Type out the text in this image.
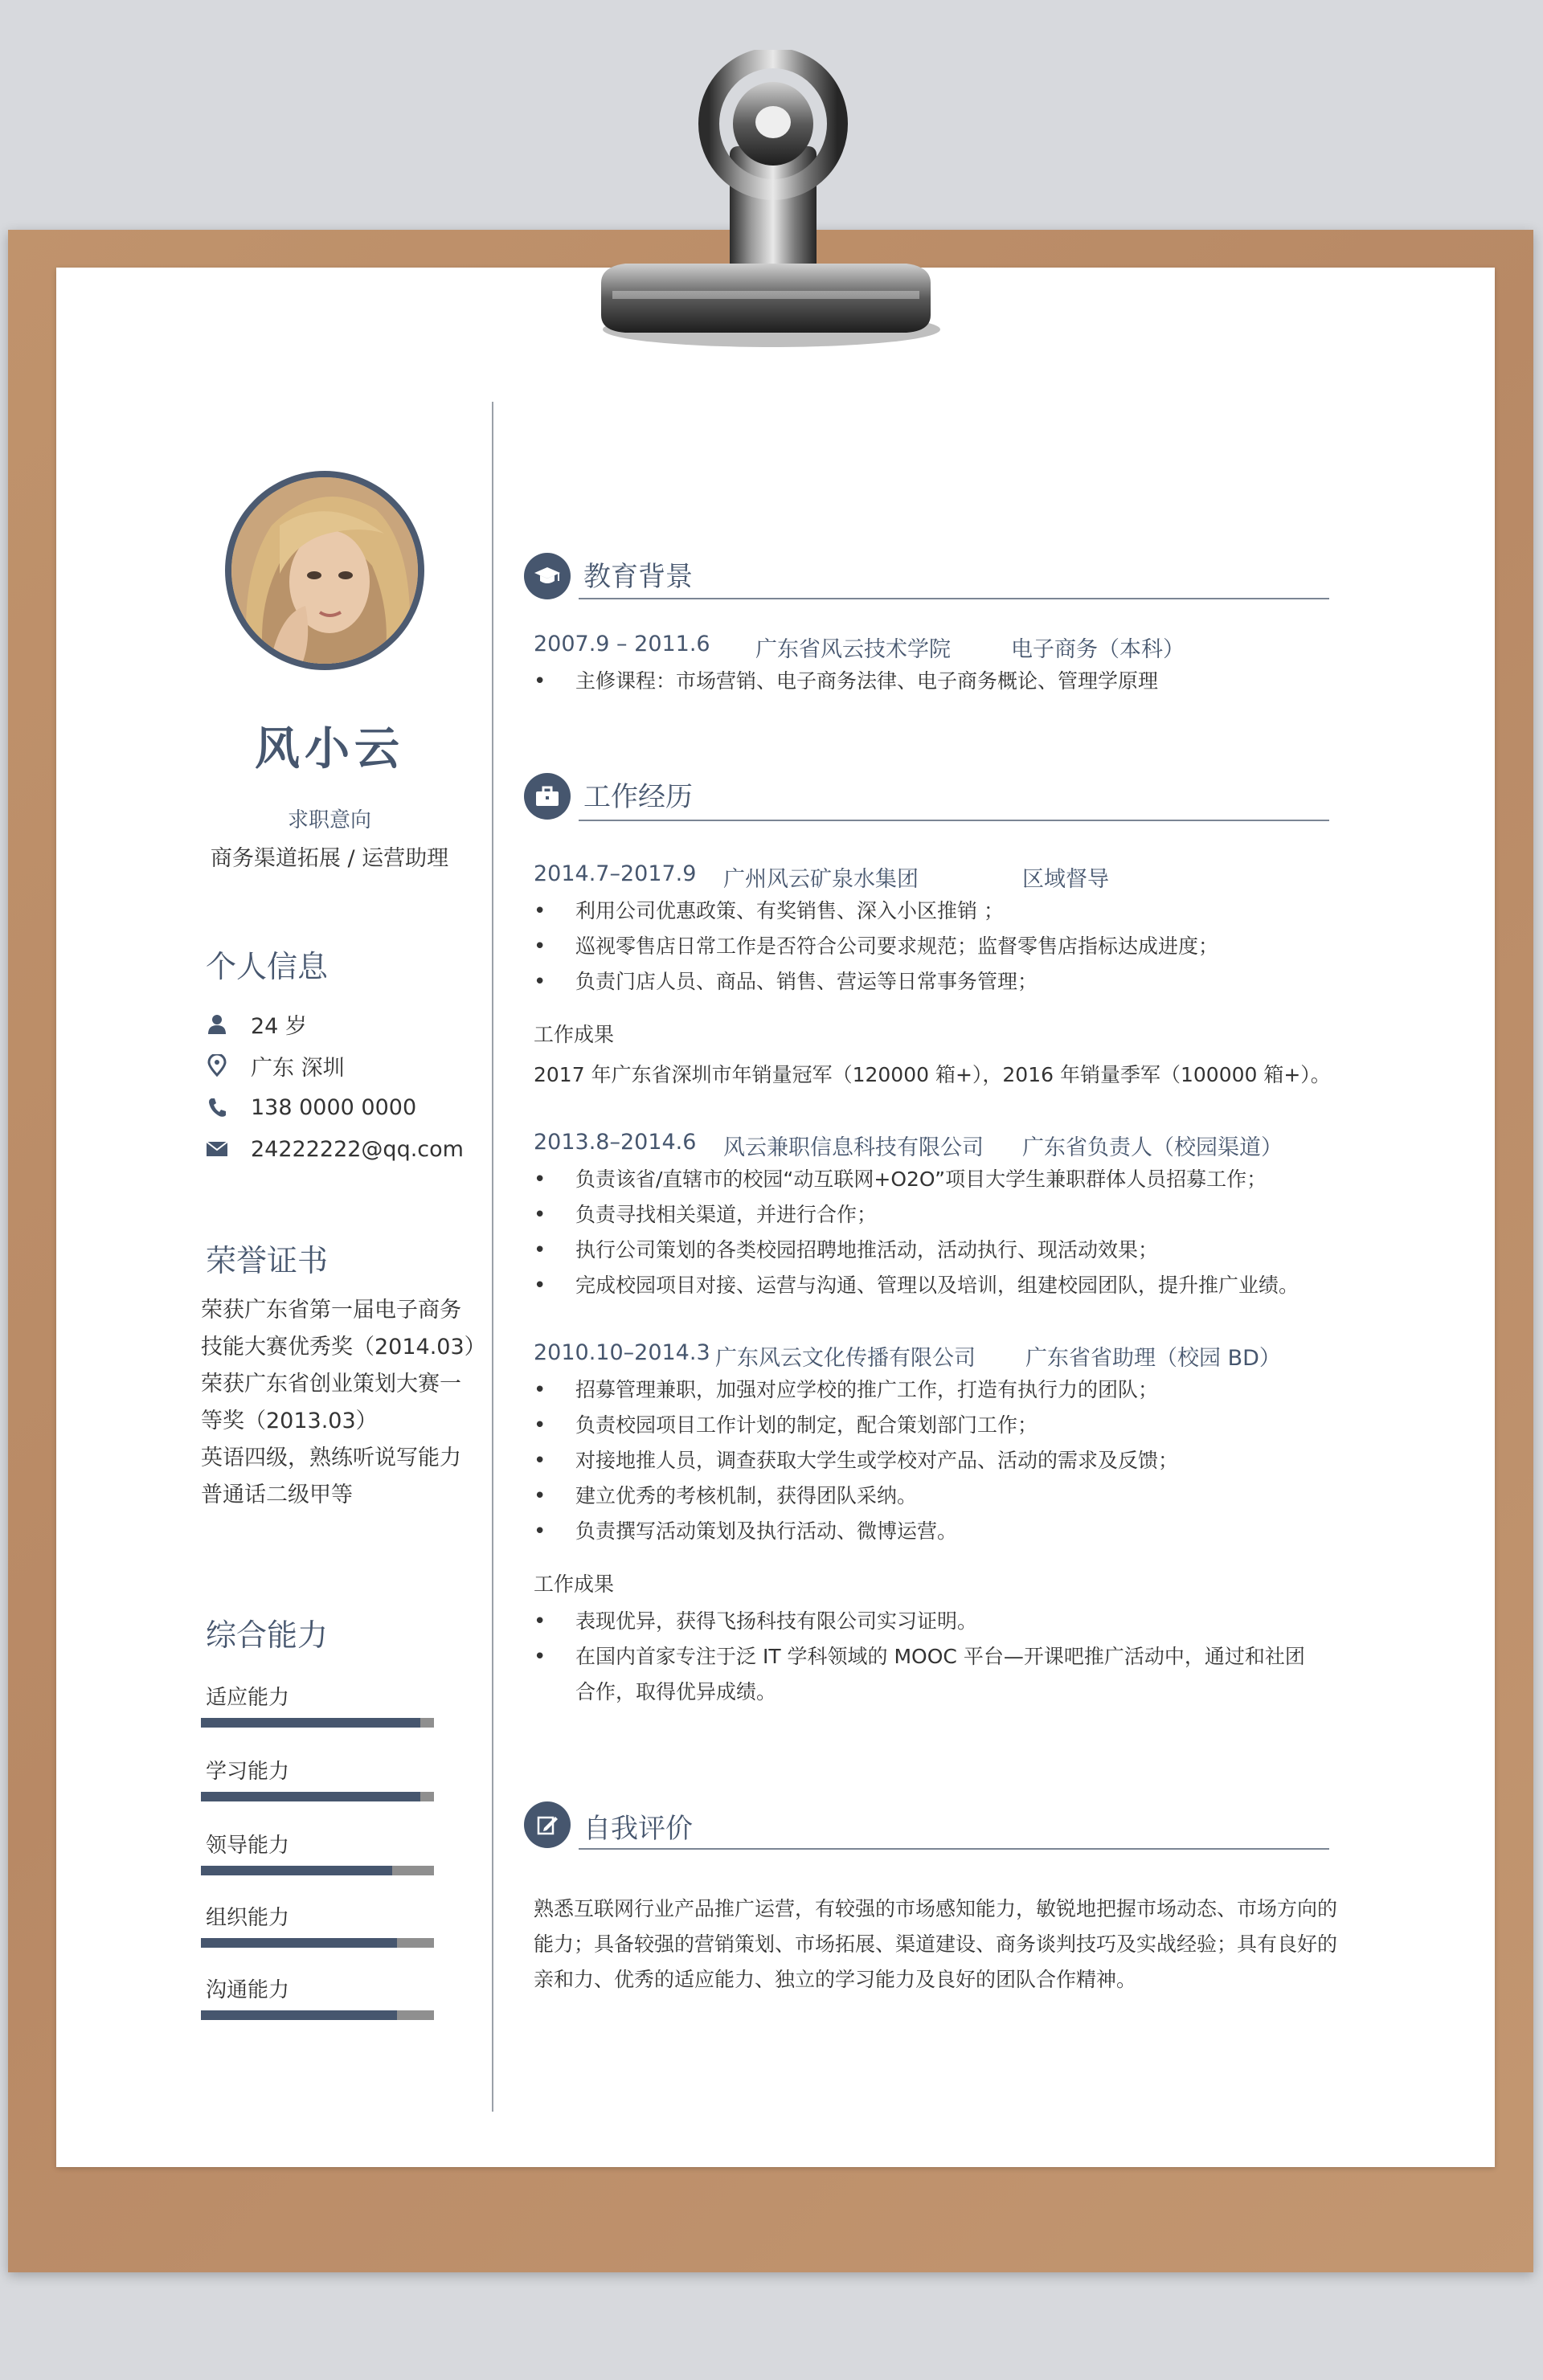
风小云
求职意向
商务渠道拓展 / 运营助理
个人信息
24 岁
广东 深圳
138 0000 0000
24222222@qq.com
荣誉证书
荣获广东省第一届电子商务
技能大赛优秀奖（2014.03）
荣获广东省创业策划大赛一
等奖（2013.03）
英语四级，熟练听说写能力
普通话二级甲等
综合能力
适应能力
学习能力
领导能力
组织能力
沟通能力
教育背景
2007.9 – 2011.6 广东省风云技术学院	电子商务（本科）
• 主修课程：市场营销、电子商务法律、电子商务概论、管理学原理
工作经历
2014.7–2017.9 广州风云矿泉水集团	区域督导
• 利用公司优惠政策、有奖销售、深入小区推销 ；
• 巡视零售店日常工作是否符合公司要求规范；监督零售店指标达成进度；
• 负责门店人员、商品、销售、营运等日常事务管理；
工作成果
2017 年广东省深圳市年销量冠军（120000 箱+），2016 年销量季军（100000 箱+）。
2013.8–2014.6 风云兼职信息科技有限公司 广东省负责人（校园渠道）
• 负责该省/直辖市的校园“动互联网+O2O”项目大学生兼职群体人员招募工作；
• 负责寻找相关渠道，并进行合作；
• 执行公司策划的各类校园招聘地推活动，活动执行、现活动效果；
• 完成校园项目对接、运营与沟通、管理以及培训，组建校园团队，提升推广业绩。
2010.10–2014.3 广东风云文化传播有限公司 广东省省助理（校园 BD）
• 招募管理兼职，加强对应学校的推广工作，打造有执行力的团队；
• 负责校园项目工作计划的制定，配合策划部门工作；
• 对接地推人员，调查获取大学生或学校对产品、活动的需求及反馈；
• 建立优秀的考核机制，获得团队采纳。
• 负责撰写活动策划及执行活动、微博运营。
工作成果
• 表现优异，获得飞扬科技有限公司实习证明。
• 在国内首家专注于泛 IT 学科领域的 MOOC 平台—开课吧推广活动中，通过和社团合作，取得优异成绩。
自我评价
熟悉互联网行业产品推广运营，有较强的市场感知能力，敏锐地把握市场动态、市场方向的能力；具备较强的营销策划、市场拓展、渠道建设、商务谈判技巧及实战经验；具有良好的亲和力、优秀的适应能力、独立的学习能力及良好的团队合作精神。
